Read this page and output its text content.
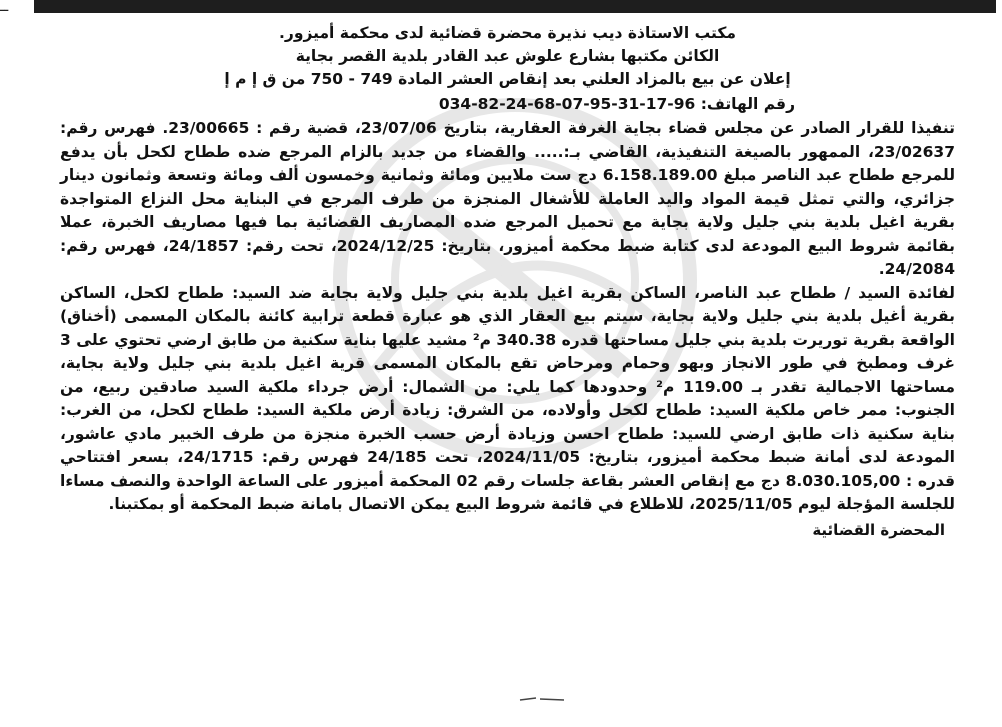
ــ
مكتب الاستاذة ديب نذيرة محضرة قضائية لدى محكمة أميزور.
الكائن مكتبها بشارع علوش عبد القادر بلدية القصر بجاية
إعلان عن بيع بالمزاد العلني بعد إنقاص العشر المادة 749 - 750 من ق إ م إ
رقم الهاتف: 96-17-31-95-07-68-24-82-034

تنفيذا للقرار الصادر عن مجلس قضاء بجاية الغرفة العقارية، بتاريخ 23/07/06، قضية رقم : 23/00665. فهرس رقم: 23/02637، الممهور بالصيغة التنفيذية، القاضي بـ:..... والقضاء من جديد بالزام المرجع ضده ططاح لكحل بأن يدفع للمرجع ططاح عبد الناصر مبلغ 6.158.189.00 دج ست ملايين ومائة وثمانية وخمسون ألف ومائة وتسعة وثمانون دينار جزائري، والتي تمثل قيمة المواد واليد العاملة للأشغال المنجزة من طرف المرجع في البناية محل النزاع المتواجدة بقرية اغيل بلدية بني جليل ولاية بجاية مع تحميل المرجع ضده المصاريف القضائية بما فيها مصاريف الخبرة، عملا بقائمة شروط البيع المودعة لدى كتابة ضبط محكمة أميزور، بتاريخ: 2024/12/25، تحت رقم: 24/1857، فهرس رقم: 24/2084.

لفائدة السيد / ططاح عبد الناصر، الساكن بقرية اغيل بلدية بني جليل ولاية بجاية ضد السيد: ططاح لكحل، الساكن بقرية أغيل بلدية بني جليل ولاية بجاية، سيتم بيع العقار الذي هو عبارة قطعة ترابية كائنة بالمكان المسمى (أخناق) الواقعة بقرية توريرت بلدية بني جليل مساحتها قدره 340.38 م² مشيد عليها بناية سكنية من طابق ارضي تحتوي على 3 غرف ومطبخ في طور الانجاز وبهو وحمام ومرحاض تقع بالمكان المسمى قرية اغيل بلدية بني جليل ولاية بجاية، مساحتها الاجمالية تقدر بـ 119.00 م² وحدودها كما يلي: من الشمال: أرض جرداء ملكية السيد صادقين ربيع، من الجنوب: ممر خاص ملكية السيد: ططاح لكحل وأولاده، من الشرق: زيادة أرض ملكية السيد: ططاح لكحل، من الغرب: بناية سكنية ذات طابق ارضي للسيد: ططاح احسن وزيادة أرض حسب الخبرة منجزة من طرف الخبير مادي عاشور، المودعة لدى أمانة ضبط محكمة أميزور، بتاريخ: 2024/11/05، تحت 24/185 فهرس رقم: 24/1715، بسعر افتتاحي قدره : 8.030.105,00 دج مع إنقاص العشر بقاعة جلسات رقم 02 المحكمة أميزور على الساعة الواحدة والنصف مساءا للجلسة المؤجلة ليوم 2025/11/05، للاطلاع في قائمة شروط البيع يمكن الاتصال بامانة ضبط المحكمة أو بمكتبنا.

المحضرة القضائية
